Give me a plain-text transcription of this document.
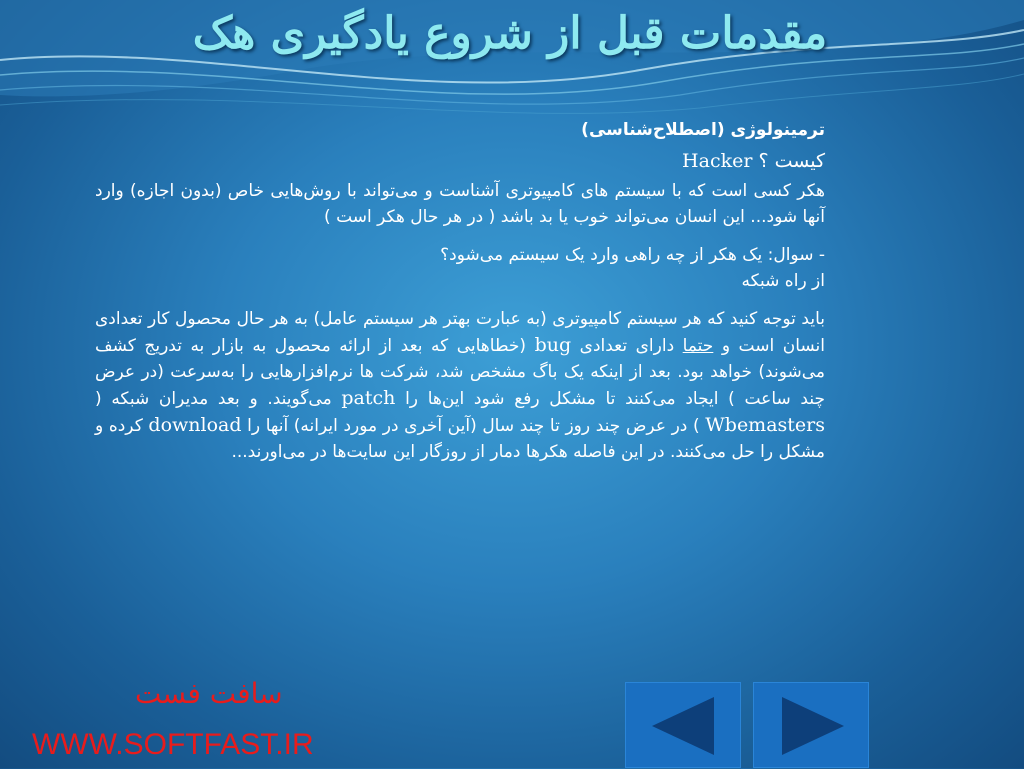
مقدمات قبل از شروع یادگیری هک
ترمینولوژی (اصطلاح‌شناسی)
کیست ؟ Hacker

هکر کسی است که با سیستم های کامپیوتری آشناست و می‌تواند با روش‌هایی خاص (بدون اجازه) وارد آنها شود... این انسان می‌تواند خوب یا بد باشد ( در هر حال هکر است )

- سوال: یک هکر از چه راهی وارد یک سیستم می‌شود؟

از راه شبکه

باید توجه کنید که هر سیستم کامپیوتری (به عبارت بهتر هر سیستم عامل) به هر حال محصول کار تعدادی انسان است و حتما دارای تعدادی bug (خطاهایی که بعد از ارائه محصول به بازار به تدریج کشف می‌شوند) خواهد بود. بعد از اینکه یک باگ مشخص شد، شرکت ها نرم‌افزارهایی را به‌سرعت (در عرض چند ساعت ) ایجاد می‌کنند تا مشکل رفع شود این‌ها را patch می‌گویند. و بعد مدیران شبکه ( Wbemasters ) در عرض چند روز تا چند سال (آین آخری در مورد ایرانه) آنها را download کرده و مشکل را حل می‌کنند. در این فاصله هکرها دمار از روزگار این سایت‌ها در می‌اورند...

سافت فست
WWW.SOFTFAST.IR
